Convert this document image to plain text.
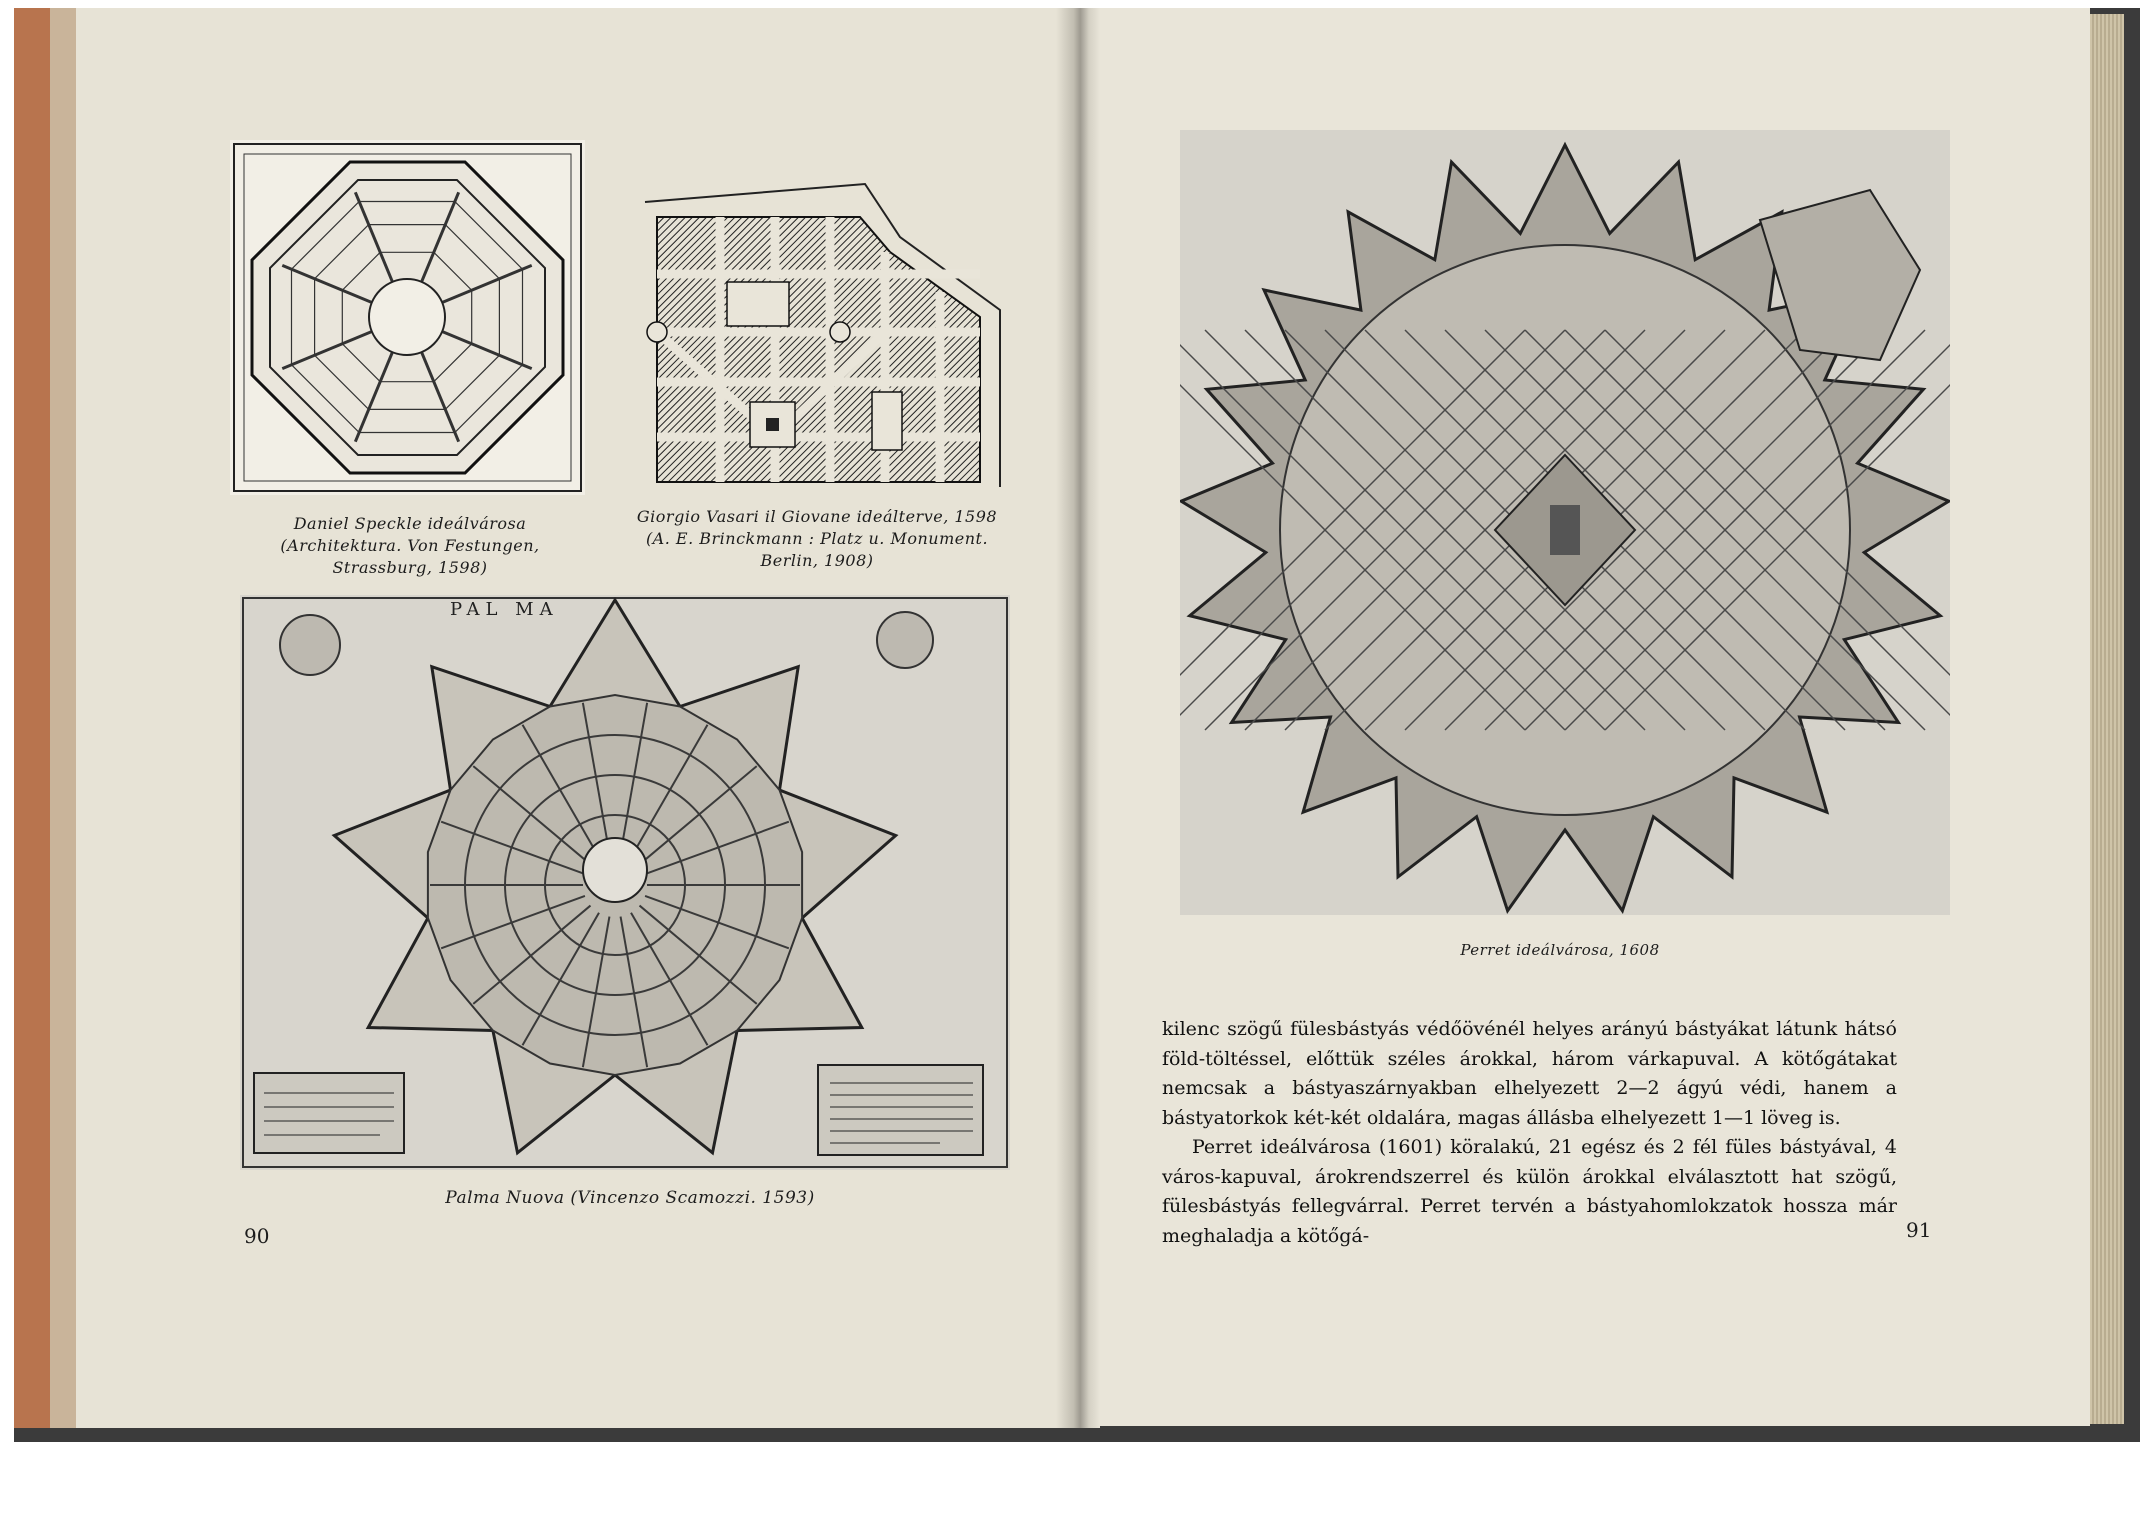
Daniel Speckle ideálvárosa (Architektura. Von Festungen, Strassburg, 1598)
Giorgio Vasari il Giovane ideálterve, 1598 (A. E. Brinckmann : Platz u. Monument. Berlin, 1908)
PAL MA
Palma Nuova (Vincenzo Scamozzi. 1593)
90
Perret ideálvárosa, 1608

kilenc szögű fülesbástyás védőövénél helyes arányú bástyákat látunk hátsó föld-töltéssel, előttük széles árokkal, három várkapuval. A kötőgátakat nemcsak a bástyaszárnyakban elhelyezett 2—2 ágyú védi, hanem a bástyatorkok két-két oldalára, magas állásba elhelyezett 1—1 löveg is.

Perret ideálvárosa (1601) köralakú, 21 egész és 2 fél füles bástyával, 4 város-kapuval, árokrendszerrel és külön árokkal elválasztott hat szögű, fülesbástyás fellegvárral. Perret tervén a bástyahomlokzatok hossza már meghaladja a kötőgá-	91
